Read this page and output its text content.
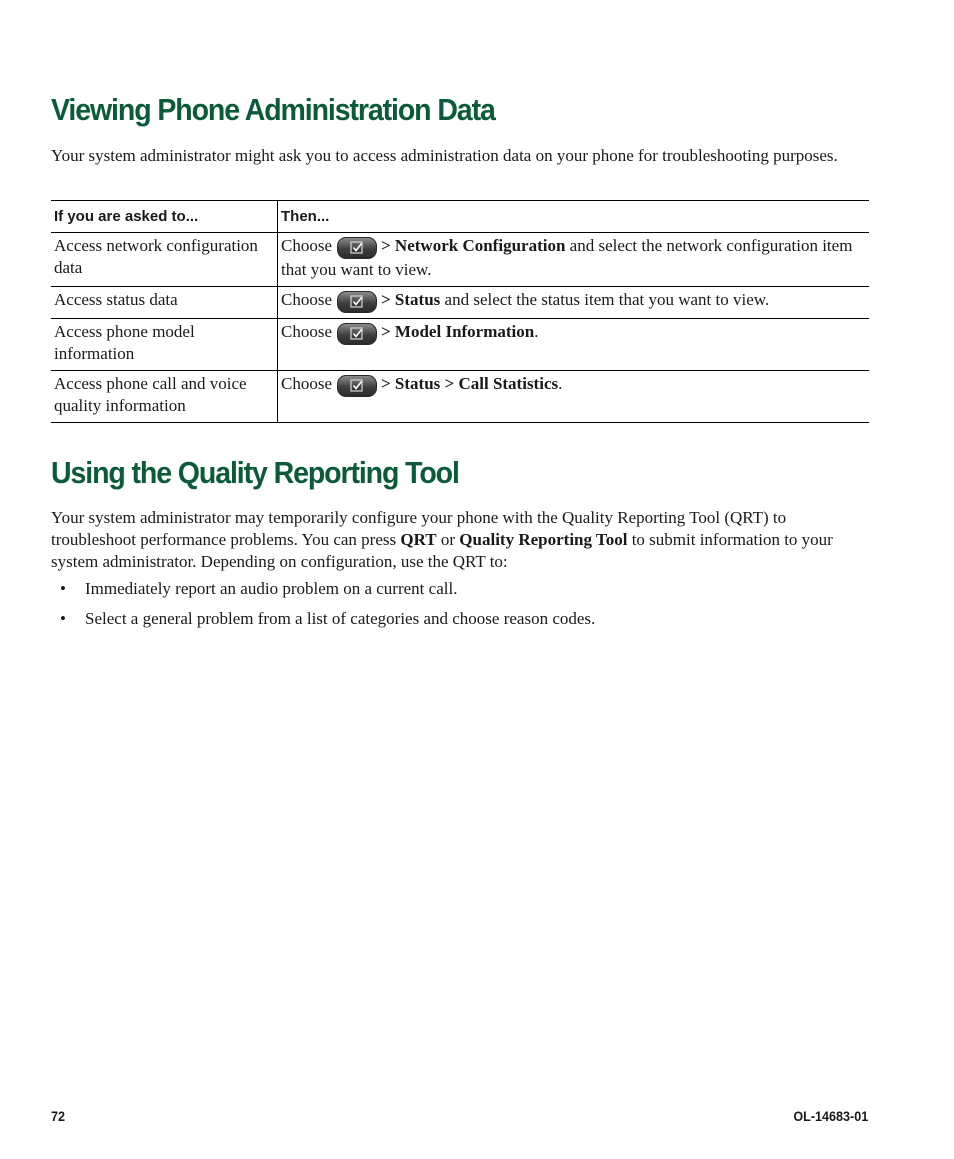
Viewing Phone Administration Data

Your system administrator might ask you to access administration data on your phone for troubleshooting purposes.

If you are asked to...	Then...
Access network configuration data	Choose > Network Configuration and select the network configuration item that you want to view.
Access status data	Choose > Status and select the status item that you want to view.
Access phone model information	Choose > Model Information.
Access phone call and voice quality information	Choose > Status > Call Statistics.
Using the Quality Reporting Tool

Your system administrator may temporarily configure your phone with the Quality Reporting Tool (QRT) to troubleshoot performance problems. You can press QRT or Quality Reporting Tool to submit information to your system administrator. Depending on configuration, use the QRT to:

• Immediately report an audio problem on a current call.
• Select a general problem from a list of categories and choose reason codes.
72	OL-14683-01
